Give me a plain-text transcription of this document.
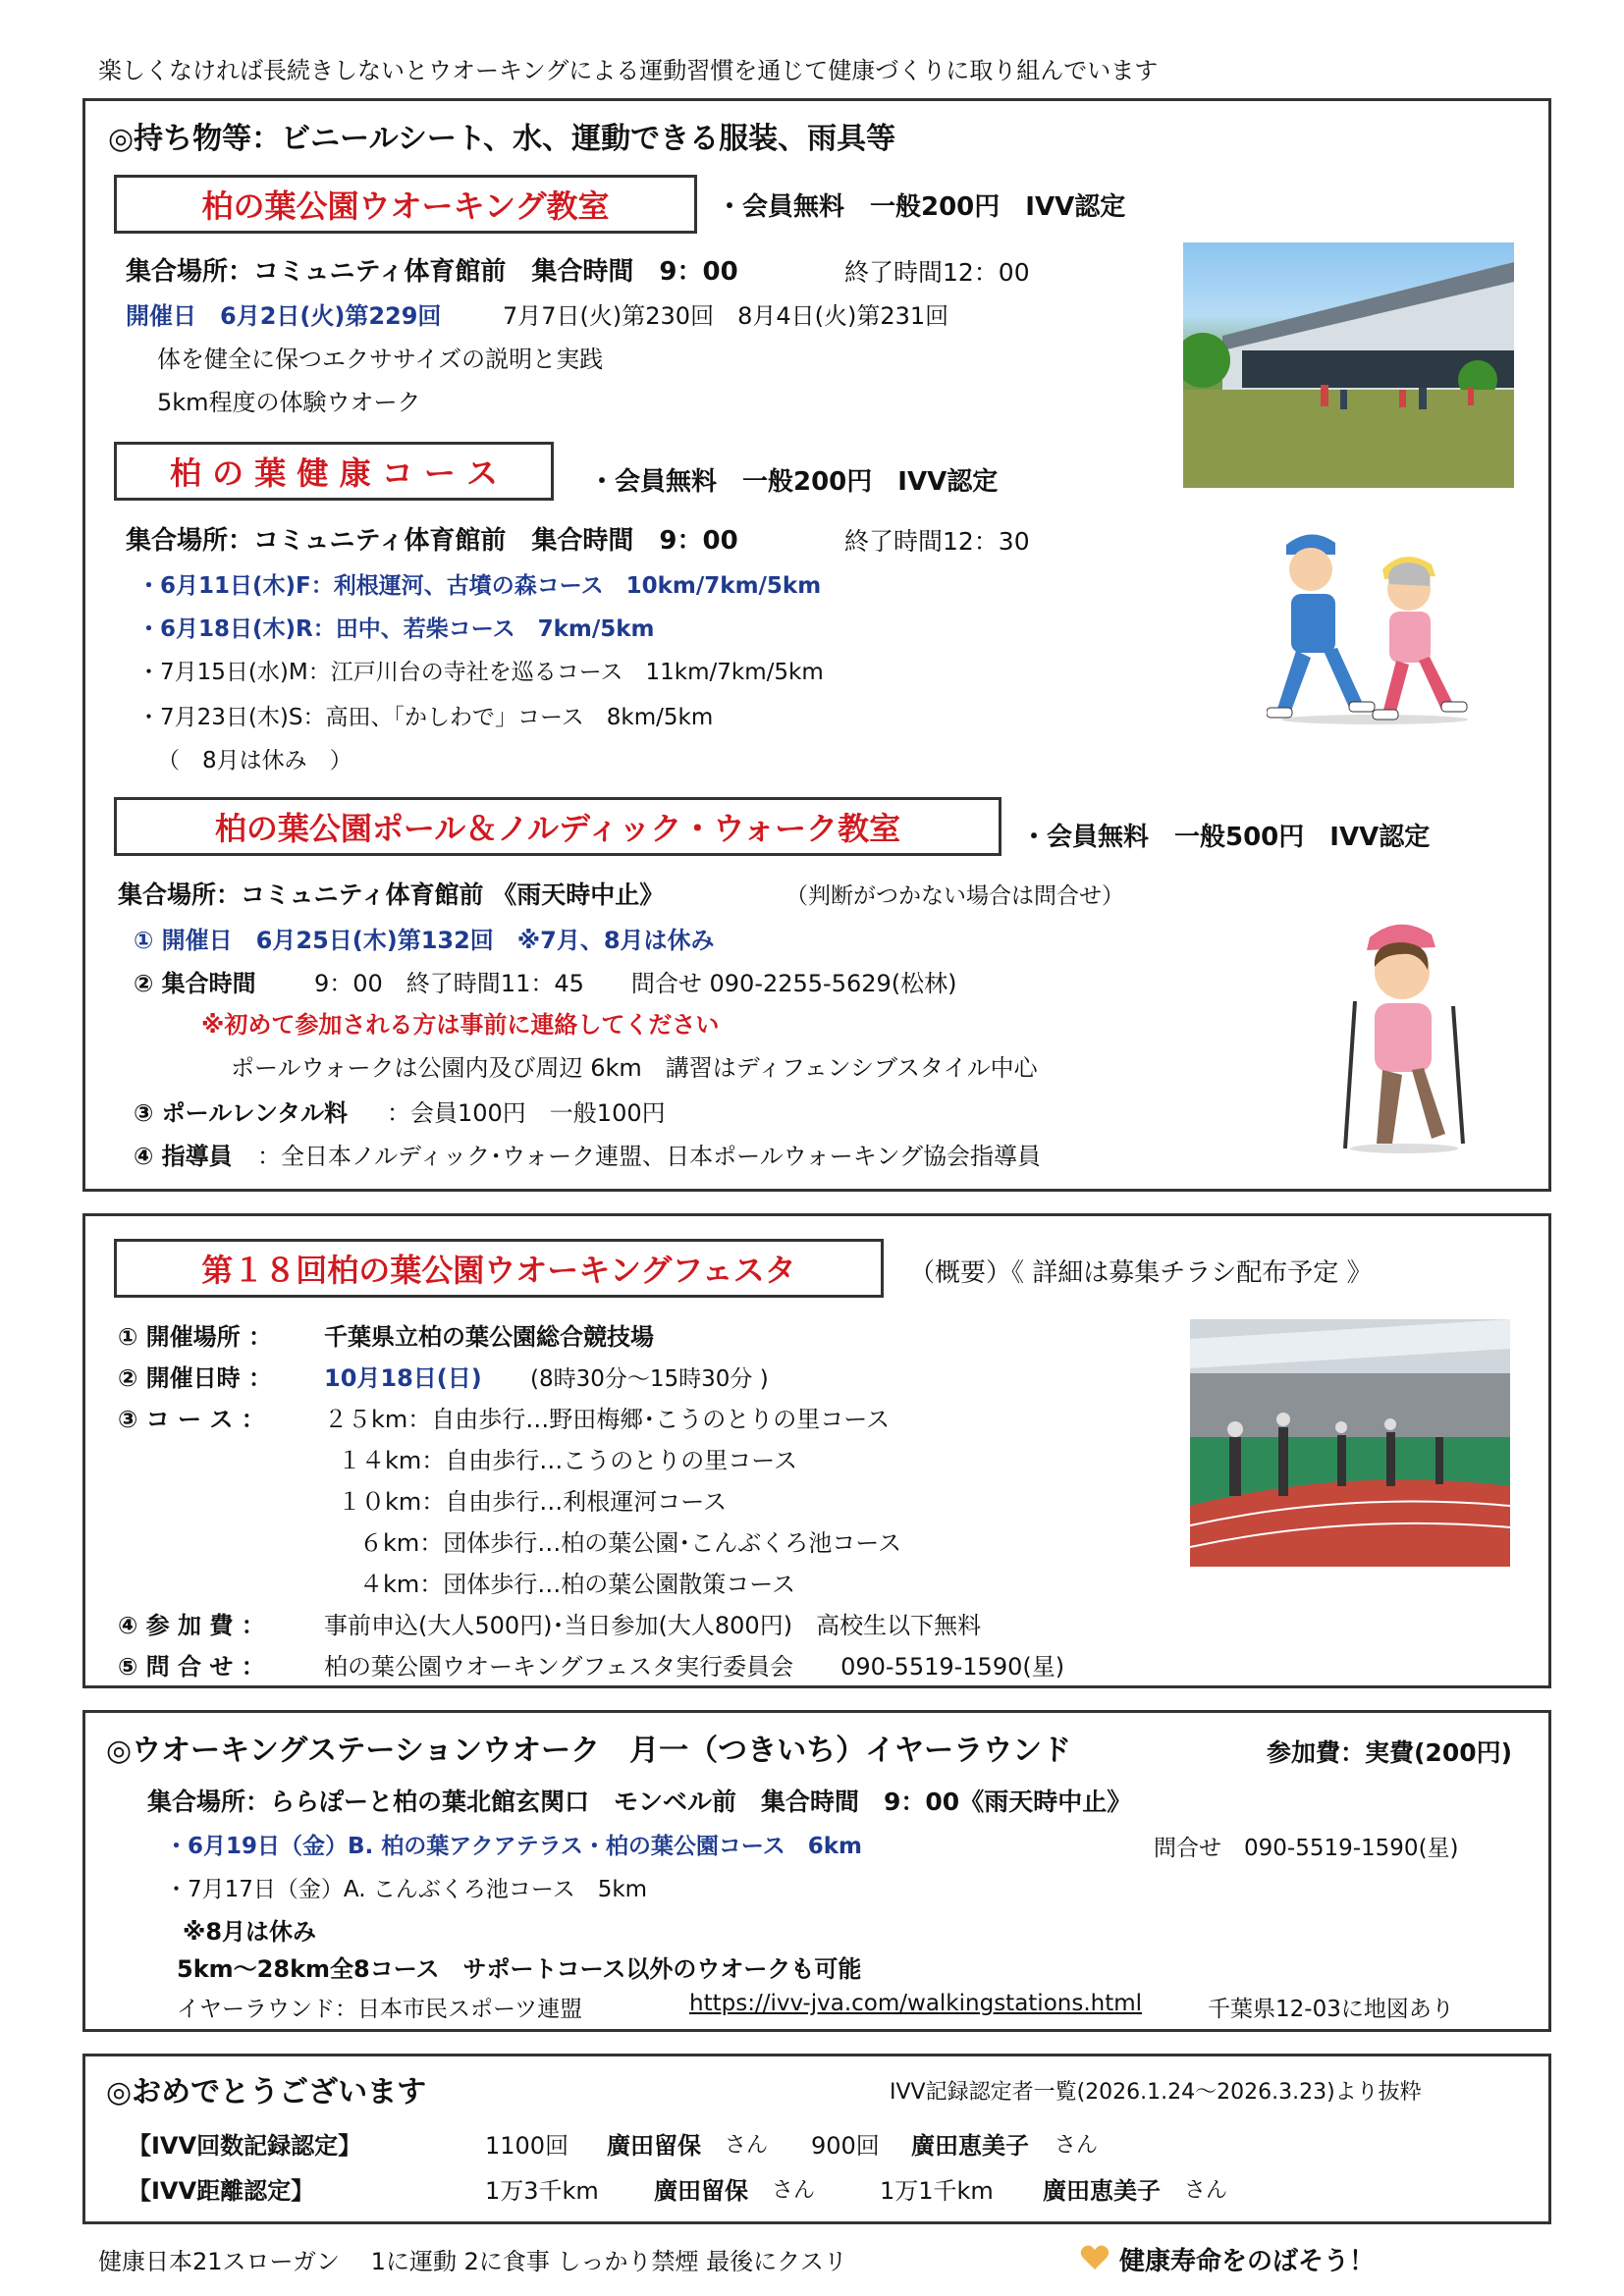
楽しくなければ長続きしないとウオーキングによる運動習慣を通じて健康づくりに取り組んでいます
◎持ち物等：ビニールシート、水、運動できる服装、雨具等
柏の葉公園ウオーキング教室	・会員無料　一般200円　IVV認定
集合場所：コミュニティ体育館前　集合時間　9：00	終了時間12：00
開催日　6月2日(火)第229回	7月7日(火)第230回　8月4日(火)第231回
体を健全に保つエクササイズの説明と実践
5km程度の体験ウオーク
柏 の 葉 健 康 コ ー ス	・会員無料　一般200円　IVV認定
集合場所：コミュニティ体育館前　集合時間　9：00	終了時間12：30
・6月11日(木)F：利根運河、古墳の森コース　10km/7km/5km
・6月18日(木)R：田中、若柴コース　7km/5km
・7月15日(水)M：江戸川台の寺社を巡るコース　11km/7km/5km
・7月23日(木)S：高田、「かしわで」コース　8km/5km
（　8月は休み　）
柏の葉公園ポール＆ノルディック・ウォーク教室	・会員無料　一般500円　IVV認定
集合場所：コミュニティ体育館前 《雨天時中止》	（判断がつかない場合は問合せ）
① 開催日　6月25日(木)第132回　※7月、8月は休み
② 集合時間 9：00　終了時間11：45　　問合せ 090-2255-5629(松林)
※初めて参加される方は事前に連絡してください
ポールウォークは公園内及び周辺 6km　講習はディフェンシブスタイル中心
③ ポールレンタル料 ：会員100円　一般100円
④ 指導員 ：全日本ノルディック･ウォーク連盟、日本ポールウォーキング協会指導員
第１８回柏の葉公園ウオーキングフェスタ	（概要）《 詳細は募集チラシ配布予定 》
① 開催場所 ： 千葉県立柏の葉公園総合競技場
② 開催日時 ： 10月18日(日) (8時30分～15時30分 )
③ コ ー ス ：	２５km：自由歩行…野田梅郷･こうのとりの里コース
１４km：自由歩行…こうのとりの里コース
１０km：自由歩行…利根運河コース
６km：団体歩行…柏の葉公園･こんぶくろ池コース
４km：団体歩行…柏の葉公園散策コース
④ 参 加 費 ：	事前申込(大人500円)･当日参加(大人800円)　高校生以下無料
⑤ 問 合 せ ：	柏の葉公園ウオーキングフェスタ実行委員会　　090-5519-1590(星)
◎ウオーキングステーションウオーク　月一（つきいち）イヤーラウンド	参加費：実費(200円)
集合場所：ららぽーと柏の葉北館玄関口　モンベル前　集合時間　9：00《雨天時中止》
・6月19日（金）B. 柏の葉アクアテラス・柏の葉公園コース　6km	問合せ　090-5519-1590(星)
・7月17日（金）A. こんぶくろ池コース　5km
※8月は休み
5km～28km全8コース　サポートコース以外のウオークも可能
イヤーラウンド：日本市民スポーツ連盟	https://ivv-jva.com/walkingstations.html	千葉県12-03に地図あり
◎おめでとうございます	IVV記録認定者一覧(2026.1.24～2026.3.23)より抜粋
【IVV回数記録認定】	1100回 廣田留保 さん 900回 廣田恵美子 さん
【IVV距離認定】	1万3千km 廣田留保 さん	1万1千km 廣田恵美子 さん
健康日本21スローガン　 1に運動 2に食事 しっかり禁煙 最後にクスリ	健康寿命をのばそう！
